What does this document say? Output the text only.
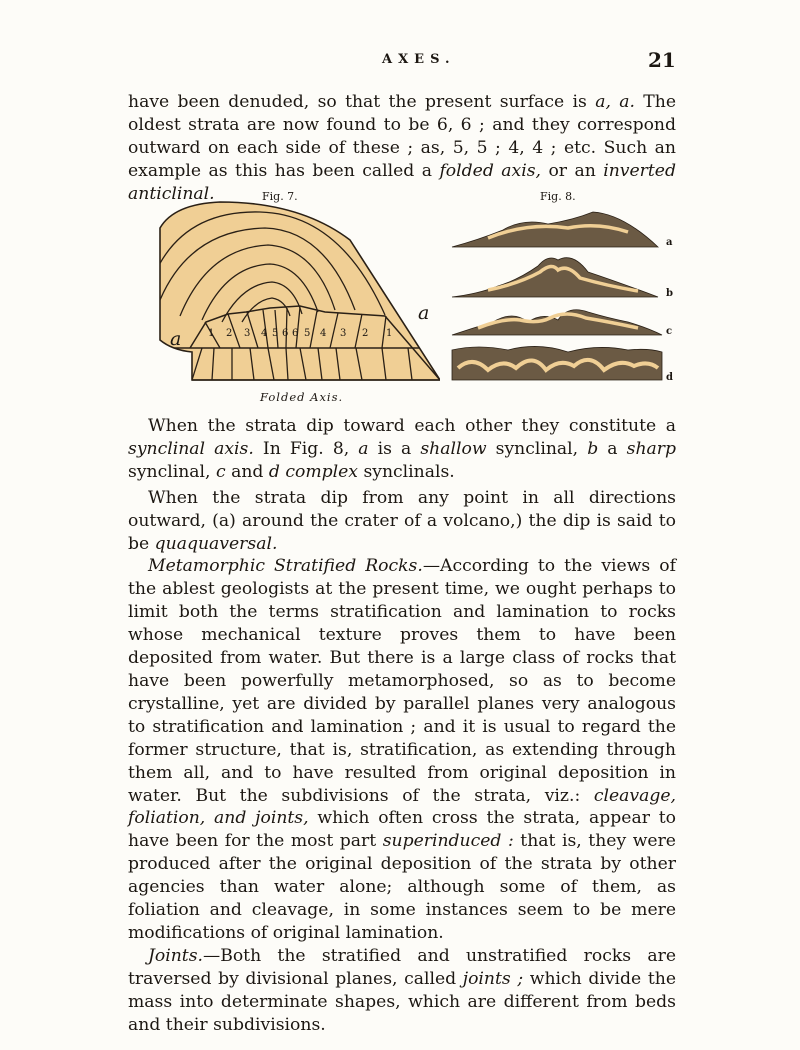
AXES.	21

have been denuded, so that the present surface is a, a. The oldest strata are now found to be 6, 6 ; and they correspond outward on each side of these ; as, 5, 5 ; 4, 4 ; etc. Such an example as this has been called a folded axis, or an inverted anticlinal.	Fig. 7.
1 2 3 4 5 6 6 5 4 3 2 1
a
a
Folded Axis.
Fig. 8.
a
b
c
d

When the strata dip toward each other they constitute a synclinal axis. In Fig. 8, a is a shallow synclinal, b a sharp synclinal, c and d complex synclinals.

When the strata dip from any point in all directions outward, (a) around the crater of a volcano,) the dip is said to be quaquaversal.

Metamorphic Stratified Rocks.—According to the views of the ablest geologists at the present time, we ought perhaps to limit both the terms stratification and lamination to rocks whose mechanical texture proves them to have been deposited from water. But there is a large class of rocks that have been powerfully metamorphosed, so as to become crystalline, yet are divided by parallel planes very analogous to stratification and lamination ; and it is usual to regard the former structure, that is, stratification, as extending through them all, and to have resulted from original deposition in water. But the subdivisions of the strata, viz.: cleavage, foliation, and joints, which often cross the strata, appear to have been for the most part superinduced : that is, they were produced after the original deposition of the strata by other agencies than water alone; although some of them, as foliation and cleavage, in some instances seem to be mere modifications of original lamination.

Joints.—Both the stratified and unstratified rocks are traversed by divisional planes, called joints ; which divide the mass into determinate shapes, which are different from beds and their subdivisions.
